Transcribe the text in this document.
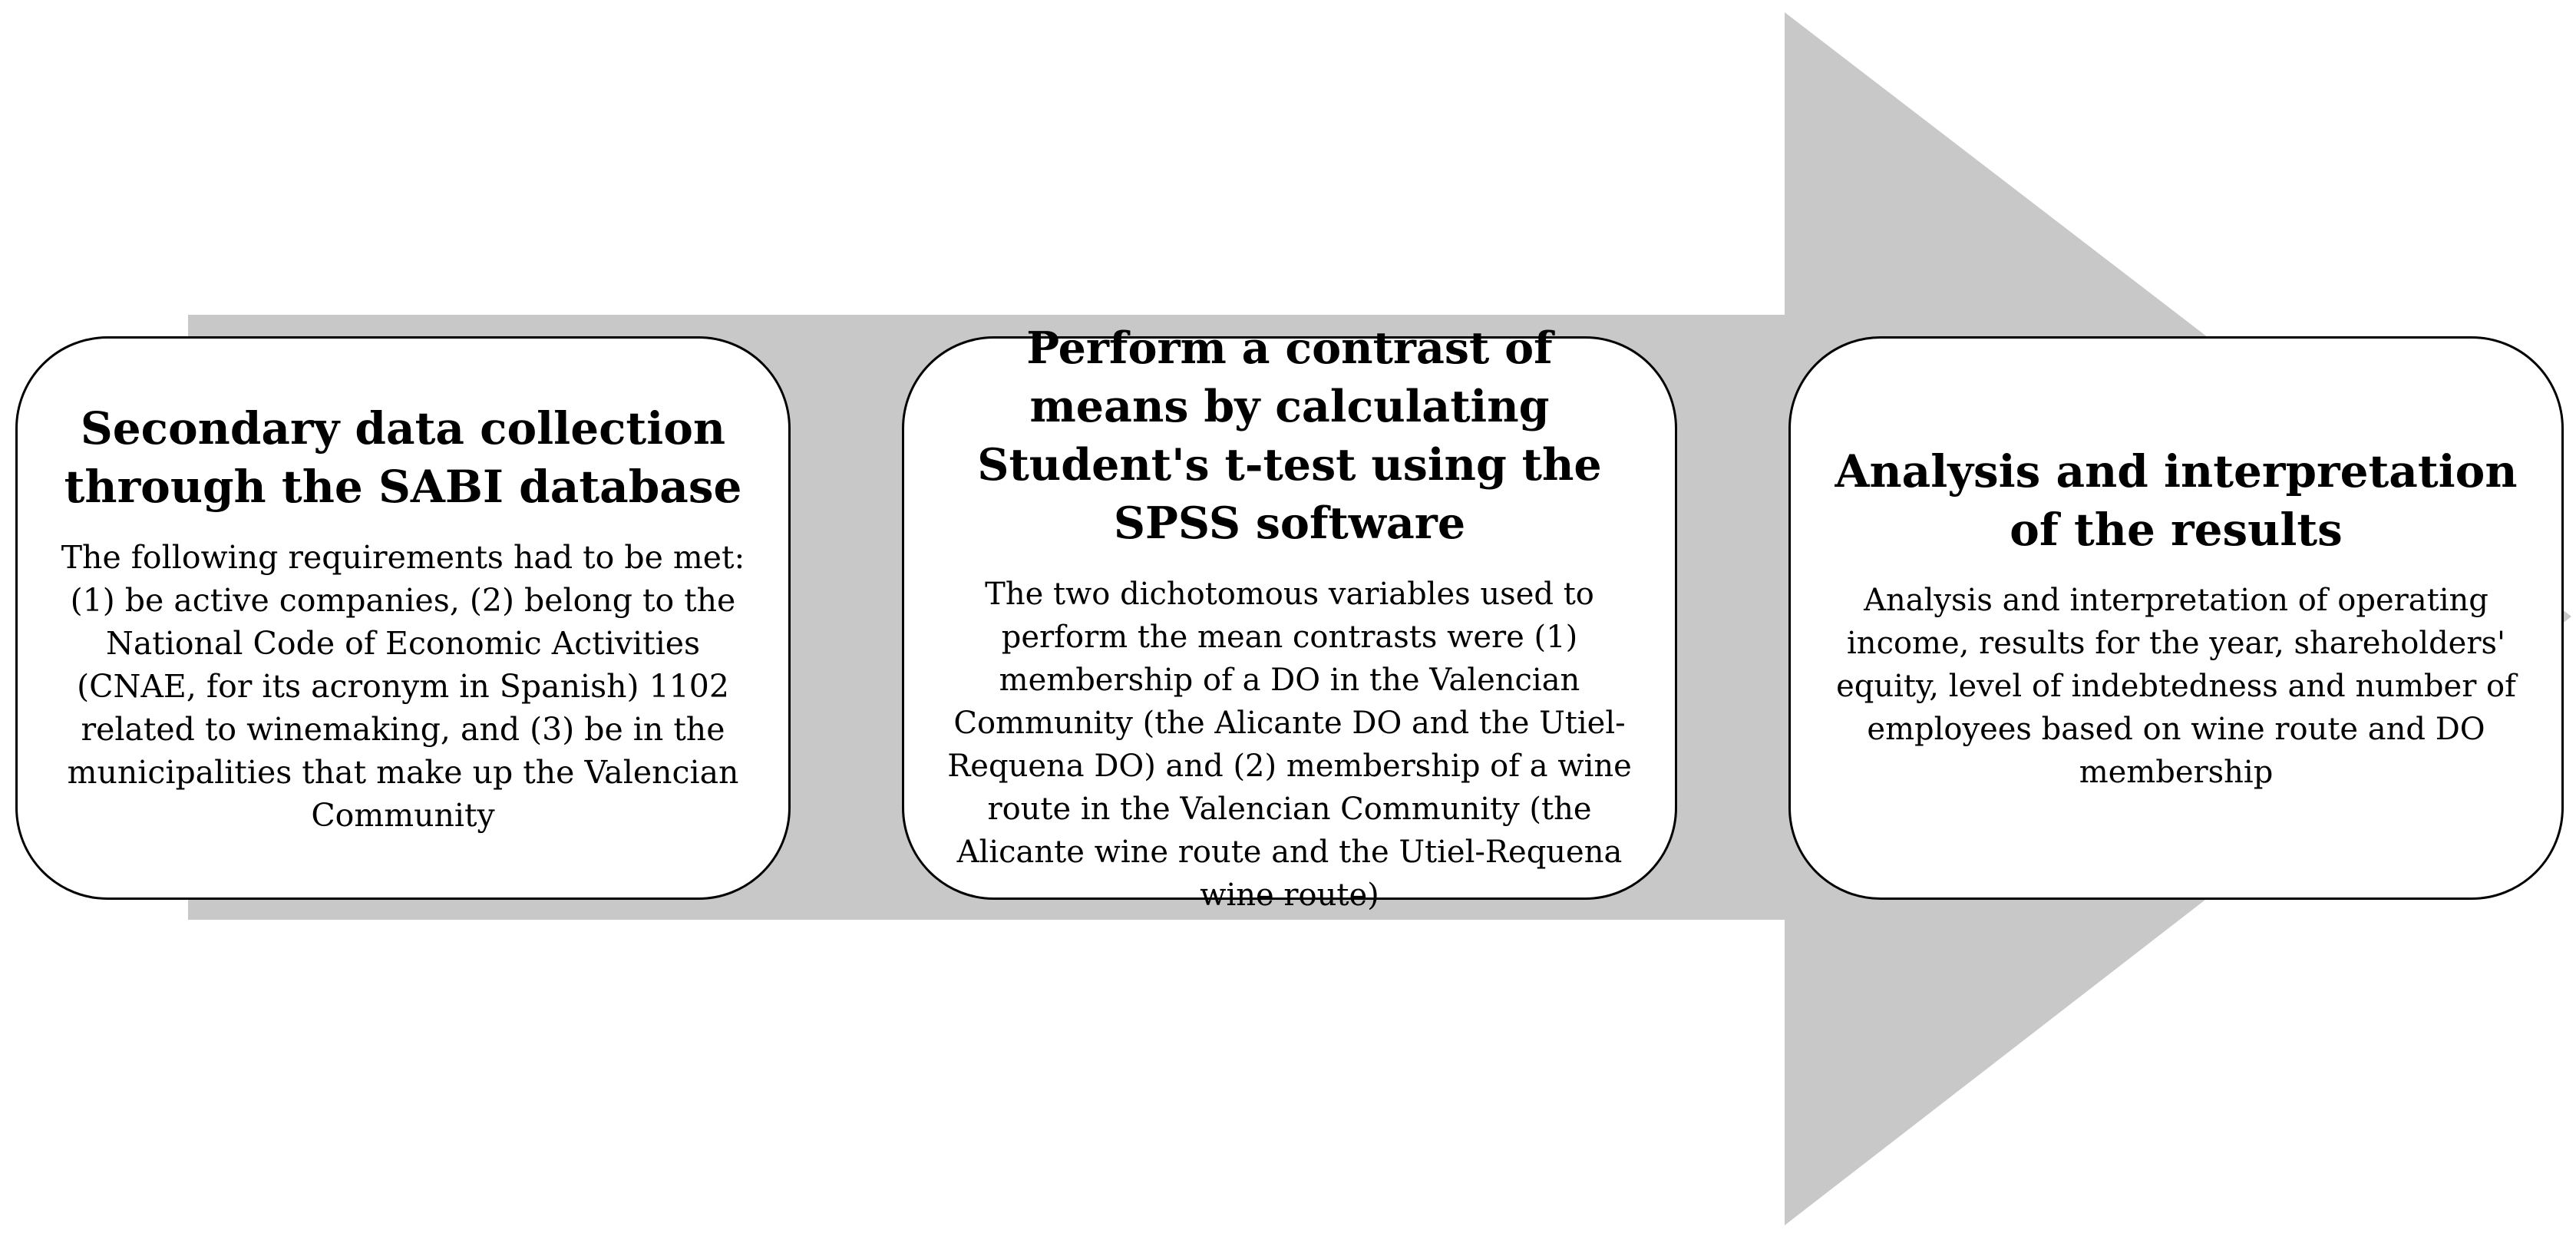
Secondary data collection through the SABI database
The following requirements had to be met:(1) be active companies, (2) belong to the National Code of Economic Activities (CNAE, for its acronym in Spanish) 1102 related to winemaking, and (3) be in the municipalities that make up the Valencian Community
Perform a contrast of means by calculating Student's t-test using the SPSS software
The two dichotomous variables used to perform the mean contrasts were (1) membership of a DO in the Valencian Community (the Alicante DO and the Utiel-Requena DO) and (2) membership of a wine route in the Valencian Community (the Alicante wine route and the Utiel-Requena wine route)
Analysis and interpretation of the results
Analysis and interpretation of operating income, results for the year, shareholders' equity, level of indebtedness and number of employees based on wine route and DO membership
